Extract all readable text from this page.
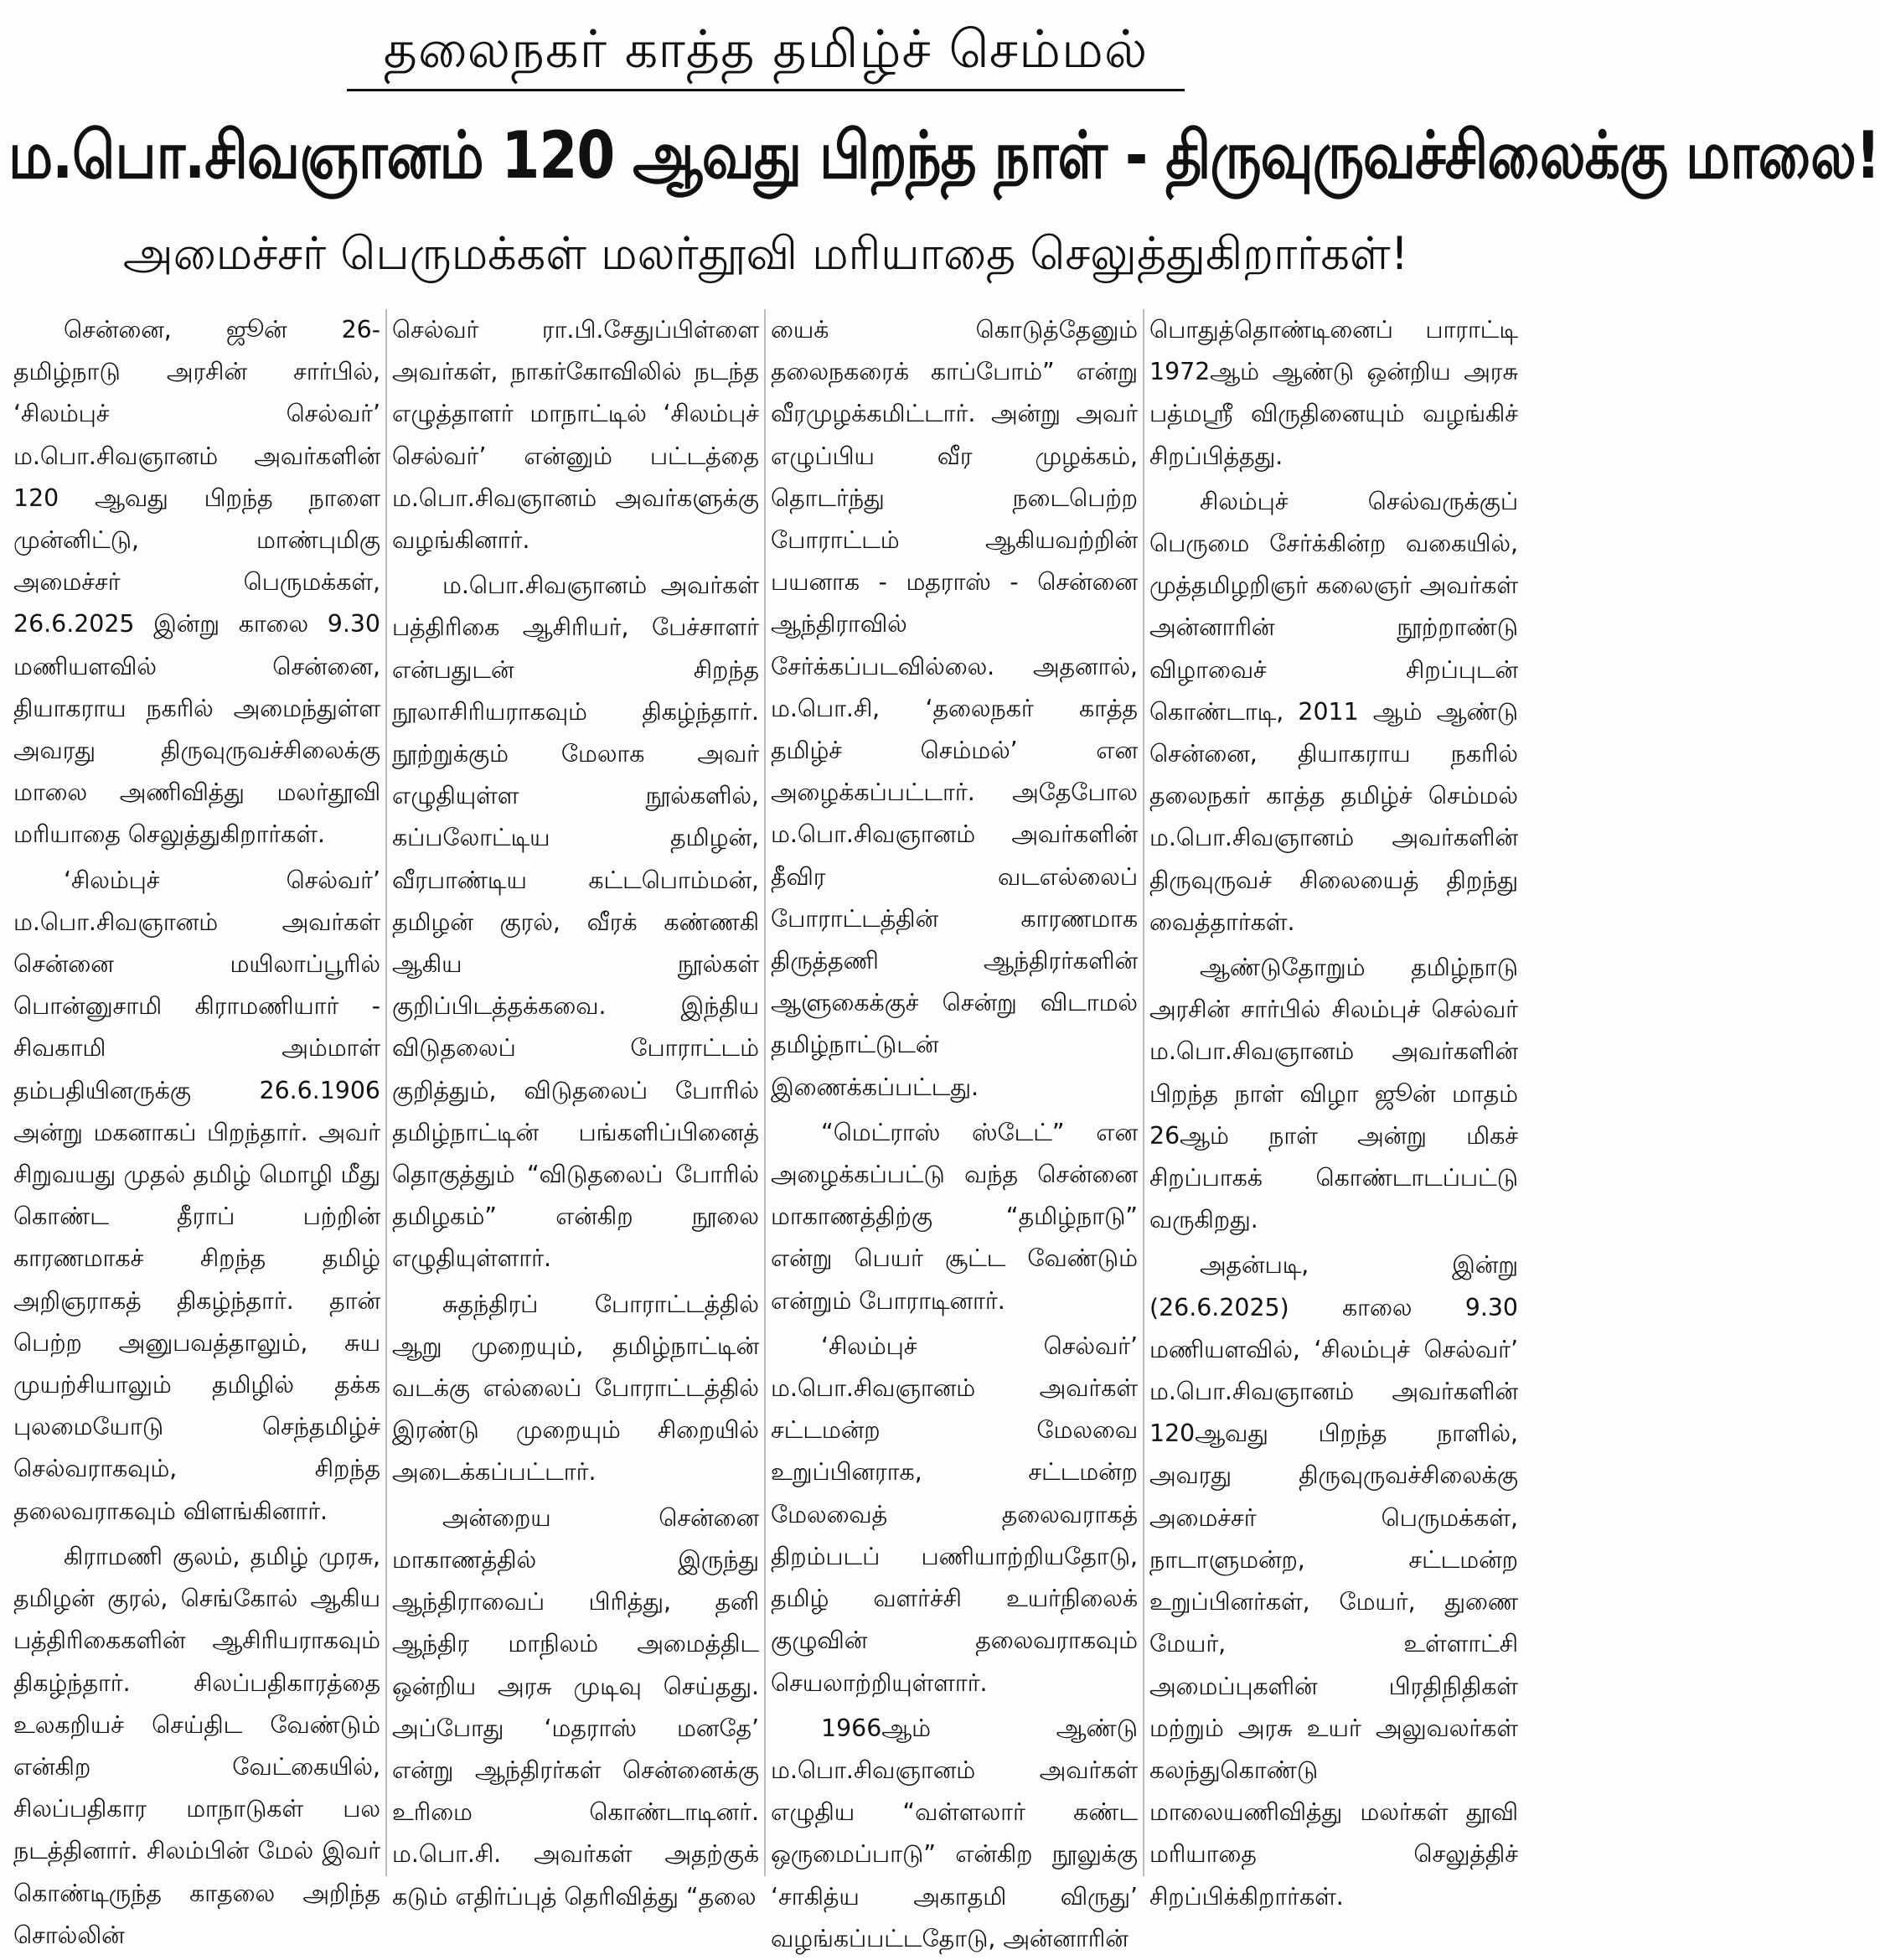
தலைநகர் காத்த தமிழ்ச் செம்மல்
ம.பொ.சிவஞானம் 120 ஆவது பிறந்த நாள் - திருவுருவச்சிலைக்கு மாலை!
அமைச்சர் பெருமக்கள் மலர்தூவி மரியாதை செலுத்துகிறார்கள்!

சென்னை, ஜூன் 26- தமிழ்நாடு அரசின் சார்பில், ‘சிலம்புச் செல்வர்’ ம.பொ.சிவஞானம் அவர்களின் 120 ஆவது பிறந்த நாளை முன்னிட்டு, மாண்புமிகு அமைச்சர் பெருமக்கள், 26.6.2025 இன்று காலை 9.30 மணியளவில் சென்னை, தியாகராய நகரில் அமைந்துள்ள அவரது திருவுருவச்சிலைக்கு மாலை அணிவித்து மலர்தூவி மரியாதை செலுத்துகிறார்கள்.

‘சிலம்புச் செல்வர்’ ம.பொ.சிவஞானம் அவர்கள் சென்னை மயிலாப்பூரில் பொன்னுசாமி கிராமணியார் - சிவகாமி அம்மாள் தம்பதியினருக்கு 26.6.1906 அன்று மகனாகப் பிறந்தார். அவர் சிறுவயது முதல் தமிழ் மொழி மீது கொண்ட தீராப் பற்றின் காரணமாகச் சிறந்த தமிழ் அறிஞராகத் திகழ்ந்தார். தான் பெற்ற அனுபவத்தாலும், சுய முயற்சியாலும் தமிழில் தக்க புலமையோடு செந்தமிழ்ச் செல்வராகவும், சிறந்த தலைவராகவும் விளங்கினார்.

கிராமணி குலம், தமிழ் முரசு, தமிழன் குரல், செங்கோல் ஆகிய பத்திரிகைகளின் ஆசிரியராகவும் திகழ்ந்தார். சிலப்பதிகாரத்தை உலகறியச் செய்திட வேண்டும் என்கிற வேட்கையில், சிலப்பதிகார மாநாடுகள் பல நடத்தினார். சிலம்பின் மேல் இவர் கொண்டிருந்த காதலை அறிந்த சொல்லின்

செல்வர் ரா.பி.சேதுப்பிள்ளை அவர்கள், நாகர்கோவிலில் நடந்த எழுத்தாளர் மாநாட்டில் ‘சிலம்புச் செல்வர்’ என்னும் பட்டத்தை ம.பொ.சிவஞானம் அவர்களுக்கு வழங்கினார்.

ம.பொ.சிவஞானம் அவர்கள் பத்திரிகை ஆசிரியர், பேச்சாளர் என்பதுடன் சிறந்த நூலாசிரியராகவும் திகழ்ந்தார். நூற்றுக்கும் மேலாக அவர் எழுதியுள்ள நூல்களில், கப்பலோட்டிய தமிழன், வீரபாண்டிய கட்டபொம்மன், தமிழன் குரல், வீரக் கண்ணகி ஆகிய நூல்கள் குறிப்பிடத்தக்கவை. இந்திய விடுதலைப் போராட்டம் குறித்தும், விடுதலைப் போரில் தமிழ்நாட்டின் பங்களிப்பினைத் தொகுத்தும் “விடுதலைப் போரில் தமிழகம்” என்கிற நூலை எழுதியுள்ளார்.

சுதந்திரப் போராட்டத்தில் ஆறு முறையும், தமிழ்நாட்டின் வடக்கு எல்லைப் போராட்டத்தில் இரண்டு முறையும் சிறையில் அடைக்கப்பட்டார்.

அன்றைய சென்னை மாகாணத்தில் இருந்து ஆந்திராவைப் பிரித்து, தனி ஆந்திர மாநிலம் அமைத்திட ஒன்றிய அரசு முடிவு செய்தது. அப்போது ‘மதராஸ் மனதே’ என்று ஆந்திரர்கள் சென்னைக்கு உரிமை கொண்டாடினர். ம.பொ.சி. அவர்கள் அதற்குக் கடும் எதிர்ப்புத் தெரிவித்து “தலை

யைக் கொடுத்தேனும் தலைநகரைக் காப்போம்” என்று வீரமுழக்கமிட்டார். அன்று அவர் எழுப்பிய வீர முழக்கம், தொடர்ந்து நடைபெற்ற போராட்டம் ஆகியவற்றின் பயனாக - மதராஸ் - சென்னை ஆந்திராவில் சேர்க்கப்படவில்லை. அதனால், ம.பொ.சி, ‘தலைநகர் காத்த தமிழ்ச் செம்மல்’ என அழைக்கப்பட்டார். அதேபோல ம.பொ.சிவஞானம் அவர்களின் தீவிர வடஎல்லைப் போராட்டத்தின் காரணமாக திருத்தணி ஆந்திரர்களின் ஆளுகைக்குச் சென்று விடாமல் தமிழ்நாட்டுடன் இணைக்கப்பட்டது.

“மெட்ராஸ் ஸ்டேட்” என அழைக்கப்பட்டு வந்த சென்னை மாகாணத்திற்கு “தமிழ்நாடு” என்று பெயர் சூட்ட வேண்டும் என்றும் போராடினார்.

‘சிலம்புச் செல்வர்’ ம.பொ.சிவஞானம் அவர்கள் சட்டமன்ற மேலவை உறுப்பினராக, சட்டமன்ற மேலவைத் தலைவராகத் திறம்படப் பணியாற்றியதோடு, தமிழ் வளர்ச்சி உயர்நிலைக் குழுவின் தலைவராகவும் செயலாற்றியுள்ளார்.

1966ஆம் ஆண்டு ம.பொ.சிவஞானம் அவர்கள் எழுதிய “வள்ளலார் கண்ட ஒருமைப்பாடு” என்கிற நூலுக்கு ‘சாகித்ய அகாதமி விருது’ வழங்கப்பட்டதோடு, அன்னாரின்

பொதுத்தொண்டினைப் பாராட்டி 1972ஆம் ஆண்டு ஒன்றிய அரசு பத்மஸ்ரீ விருதினையும் வழங்கிச் சிறப்பித்தது.

சிலம்புச் செல்வருக்குப் பெருமை சேர்க்கின்ற வகையில், முத்தமிழறிஞர் கலைஞர் அவர்கள் அன்னாரின் நூற்றாண்டு விழாவைச் சிறப்புடன் கொண்டாடி, 2011 ஆம் ஆண்டு சென்னை, தியாகராய நகரில் தலைநகர் காத்த தமிழ்ச் செம்மல் ம.பொ.சிவஞானம் அவர்களின் திருவுருவச் சிலையைத் திறந்து வைத்தார்கள்.

ஆண்டுதோறும் தமிழ்நாடு அரசின் சார்பில் சிலம்புச் செல்வர் ம.பொ.சிவஞானம் அவர்களின் பிறந்த நாள் விழா ஜூன் மாதம் 26ஆம் நாள் அன்று மிகச் சிறப்பாகக் கொண்டாடப்பட்டு வருகிறது.

அதன்படி, இன்று (26.6.2025) காலை 9.30 மணியளவில், ‘சிலம்புச் செல்வர்’ ம.பொ.சிவஞானம் அவர்களின் 120ஆவது பிறந்த நாளில், அவரது திருவுருவச்சிலைக்கு அமைச்சர் பெருமக்கள், நாடாளுமன்ற, சட்டமன்ற உறுப்பினர்கள், மேயர், துணை மேயர், உள்ளாட்சி அமைப்புகளின் பிரதிநிதிகள் மற்றும் அரசு உயர் அலுவலர்கள் கலந்துகொண்டு மாலையணிவித்து மலர்கள் தூவி மரியாதை செலுத்திச் சிறப்பிக்கிறார்கள்.
